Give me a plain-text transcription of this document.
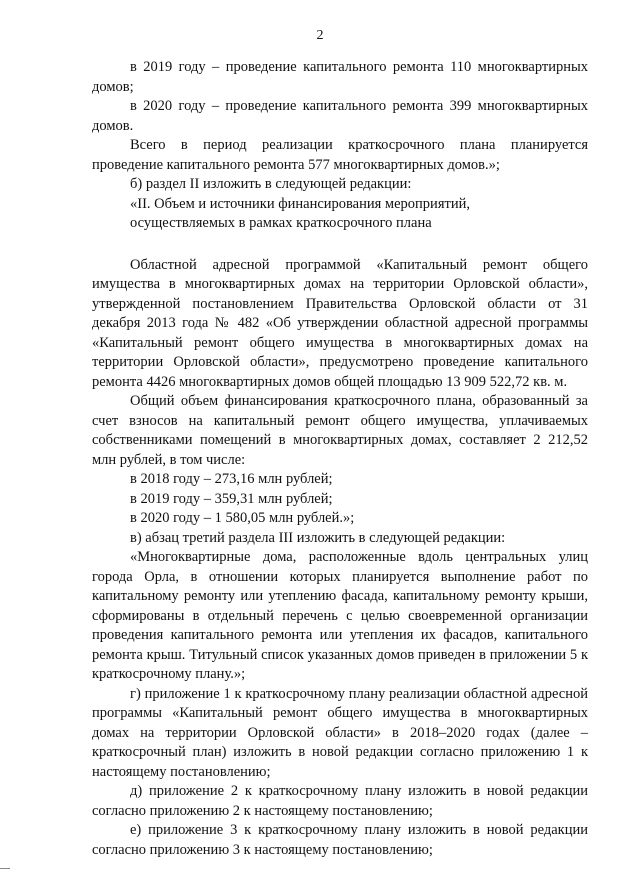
2

в 2019 году – проведение капитального ремонта 110 многоквартирных домов;

в 2020 году – проведение капитального ремонта 399 многоквартирных домов.

Всего в период реализации краткосрочного плана планируется проведение капитального ремонта 577 многоквартирных домов.»;

б) раздел II изложить в следующей редакции:

«II. Объем и источники финансирования мероприятий,

осуществляемых в рамках краткосрочного плана

Областной адресной программой «Капитальный ремонт общего имущества в многоквартирных домах на территории Орловской области», утвержденной постановлением Правительства Орловской области от 31 декабря 2013 года № 482 «Об утверждении областной адресной программы «Капитальный ремонт общего имущества в многоквартирных домах на территории Орловской области», предусмотрено проведение капитального ремонта 4426 многоквартирных домов общей площадью 13 909 522,72 кв. м.

Общий объем финансирования краткосрочного плана, образованный за счет взносов на капитальный ремонт общего имущества, уплачиваемых собственниками помещений в многоквартирных домах, составляет 2 212,52 млн рублей, в том числе:

в 2018 году – 273,16 млн рублей;

в 2019 году – 359,31 млн рублей;

в 2020 году – 1 580,05 млн рублей.»;

в) абзац третий раздела III изложить в следующей редакции:

«Многоквартирные дома, расположенные вдоль центральных улиц города Орла, в отношении которых планируется выполнение работ по капитальному ремонту или утеплению фасада, капитальному ремонту крыши, сформированы в отдельный перечень с целью своевременной организации проведения капитального ремонта или утепления их фасадов, капитального ремонта крыш. Титульный список указанных домов приведен в приложении 5 к краткосрочному плану.»;

г) приложение 1 к краткосрочному плану реализации областной адресной программы «Капитальный ремонт общего имущества в многоквартирных домах на территории Орловской области» в 2018–2020 годах (далее – краткосрочный план) изложить в новой редакции согласно приложению 1 к настоящему постановлению;

д) приложение 2 к краткосрочному плану изложить в новой редакции согласно приложению 2 к настоящему постановлению;

е) приложение 3 к краткосрочному плану изложить в новой редакции согласно приложению 3 к настоящему постановлению;
